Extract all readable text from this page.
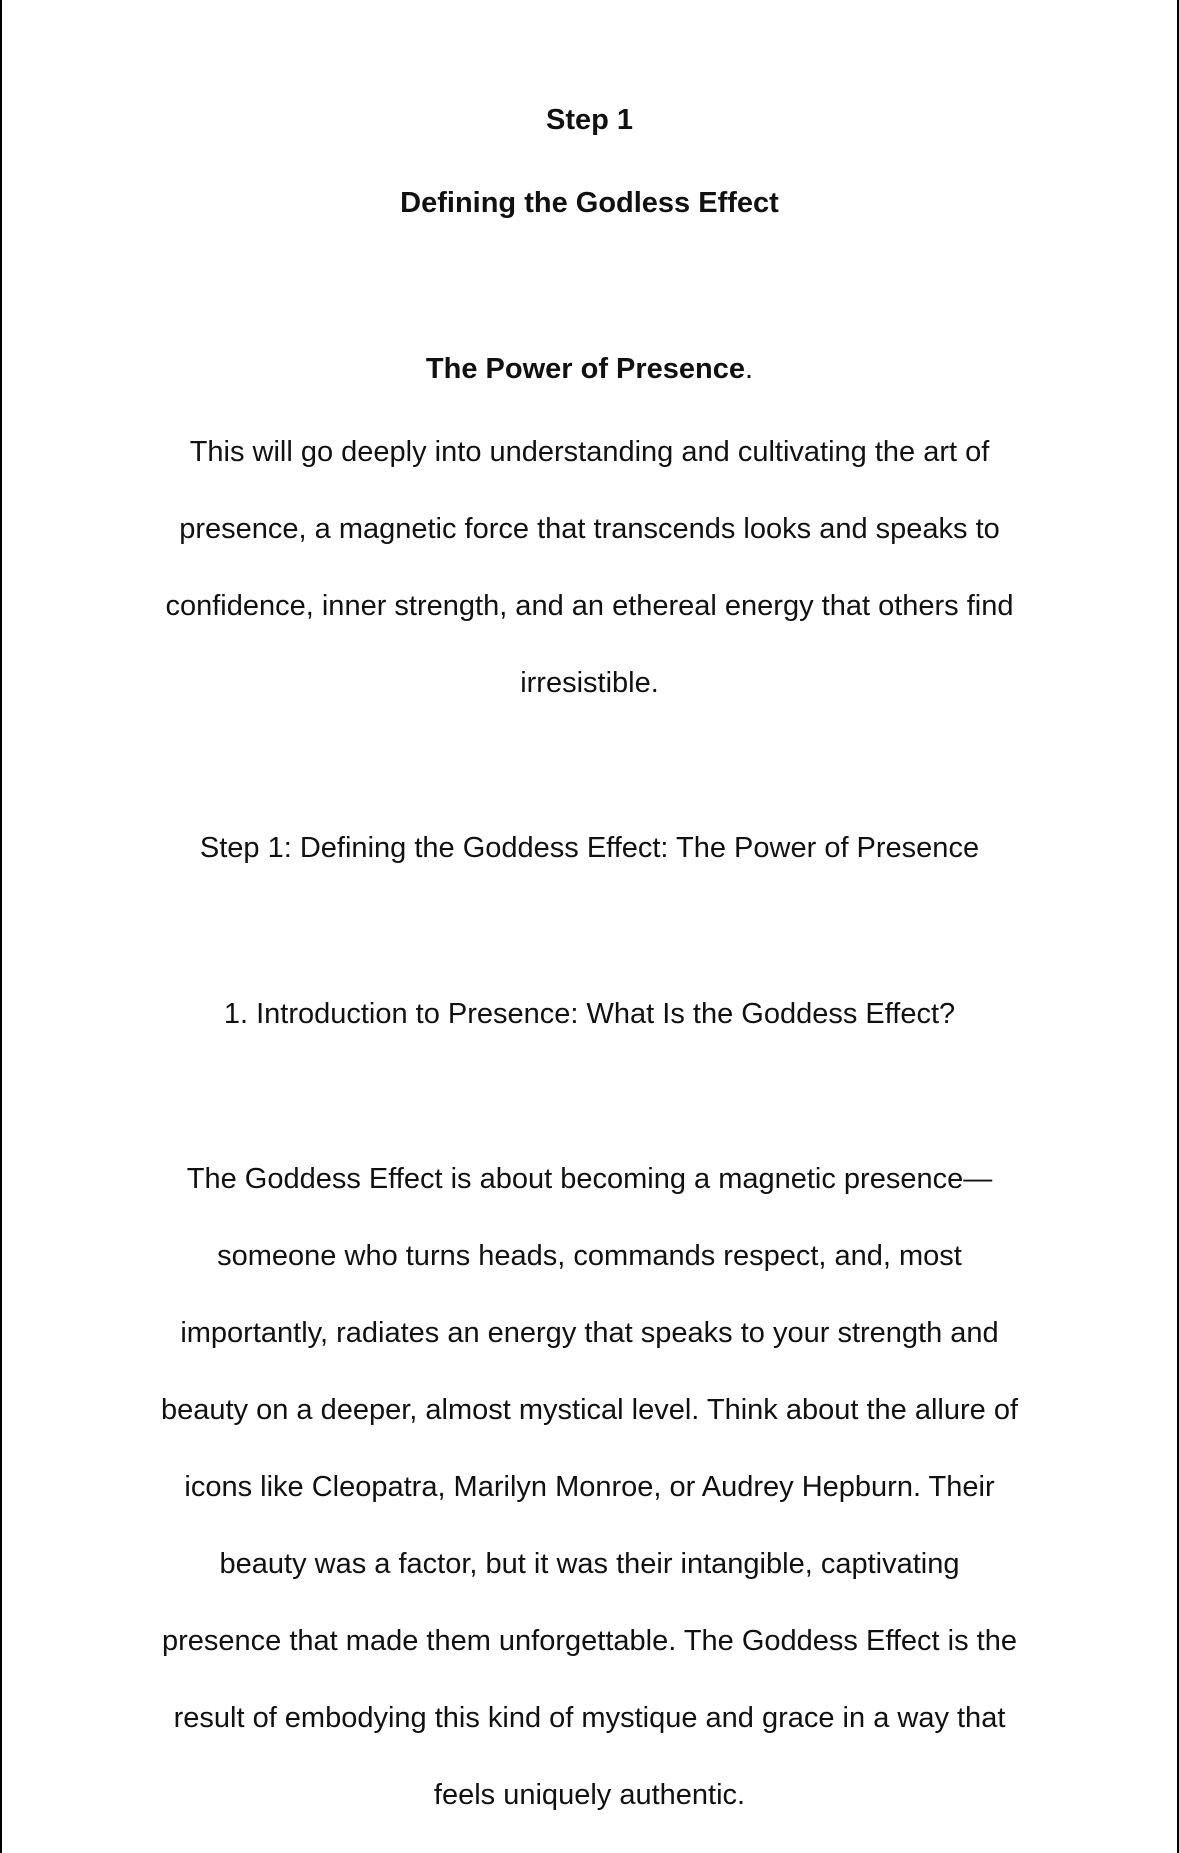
Step 1
Defining the Godless Effect
The Power of Presence.
This will go deeply into understanding and cultivating the art of
presence, a magnetic force that transcends looks and speaks to
confidence, inner strength, and an ethereal energy that others find
irresistible.
Step 1: Defining the Goddess Effect: The Power of Presence
1. Introduction to Presence: What Is the Goddess Effect?
The Goddess Effect is about becoming a magnetic presence—
someone who turns heads, commands respect, and, most
importantly, radiates an energy that speaks to your strength and
beauty on a deeper, almost mystical level. Think about the allure of
icons like Cleopatra, Marilyn Monroe, or Audrey Hepburn. Their
beauty was a factor, but it was their intangible, captivating
presence that made them unforgettable. The Goddess Effect is the
result of embodying this kind of mystique and grace in a way that
feels uniquely authentic.
